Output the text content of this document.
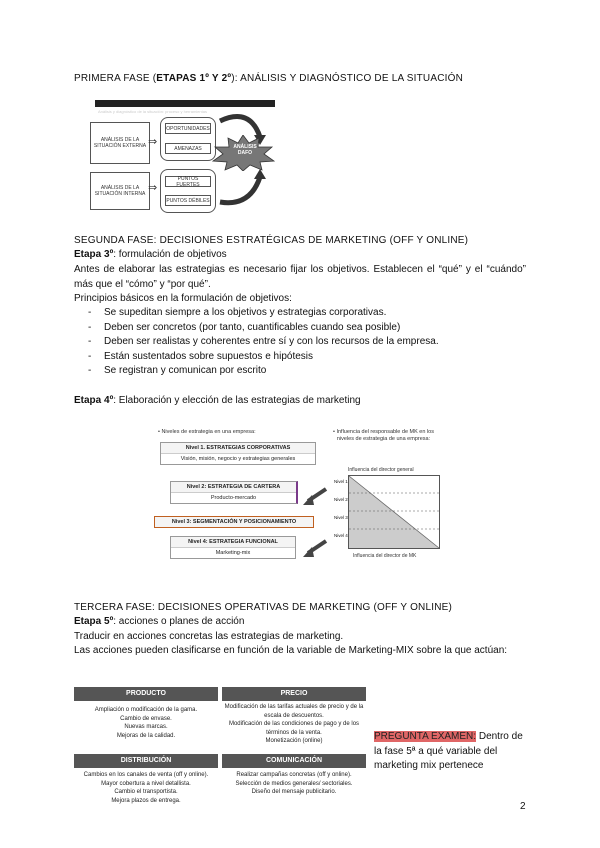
PRIMERA FASE (ETAPAS 1º Y 2º): ANÁLISIS Y DIAGNÓSTICO DE LA SITUACIÓN
Análisis y diagnóstico de la situación: proceso y herramientas
ANÁLISIS DE LA SITUACIÓN EXTERNA
ANÁLISIS DE LA SITUACIÓN INTERNA
⇒
⇒
OPORTUNIDADES
AMENAZAS
PUNTOS FUERTES
PUNTOS DÉBILES
ANÁLISIS DAFO
SEGUNDA FASE: DECISIONES ESTRATÉGICAS DE MARKETING (OFF Y ONLINE)
Etapa 3º: formulación de objetivos
Antes de elaborar las estrategias es necesario fijar los objetivos. Establecen el “qué” y el “cuándo” más que el “cómo” y “por qué”.
Principios básicos en la formulación de objetivos:
- Se supeditan siempre a los objetivos y estrategias corporativas.
- Deben ser concretos (por tanto, cuantificables cuando sea posible)
- Deben ser realistas y coherentes entre sí y con los recursos de la empresa.
- Están sustentados sobre supuestos e hipótesis
- Se registran y comunican por escrito
Etapa 4º: Elaboración y elección de las estrategias de marketing
• Niveles de estrategia en una empresa:
Nivel 1. ESTRATEGIAS CORPORATIVAS
Visión, misión, negocio y estrategias generales
Nivel 2: ESTRATEGIA DE CARTERA
Producto-mercado
Nivel 3: SEGMENTACIÓN Y POSICIONAMIENTO
Nivel 4: ESTRATEGIA FUNCIONAL
Marketing-mix
• Influencia del responsable de MK en los niveles de estrategia de una empresa:
Influencia del director general
Nivel 1
Nivel 2
Nivel 3
Nivel 4
Influencia del director de MK
TERCERA FASE: DECISIONES OPERATIVAS DE MARKETING (OFF Y ONLINE)
Etapa 5º: acciones o planes de acción
Traducir en acciones concretas las estrategias de marketing.
Las acciones pueden clasificarse en función de la variable de Marketing-MIX sobre la que actúan:
PRODUCTO	PRECIO
Ampliación o modificación de la gama.
Cambio de envase.
Nuevas marcas.
Mejoras de la calidad.
Modificación de las tarifas actuales de precio y de la escala de descuentos.
Modificación de las condiciones de pago y de los términos de la venta.
Monetización (online)
DISTRIBUCIÓN	COMUNICACIÓN
Cambios en los canales de venta (off y online).
Mayor cobertura a nivel detallista.
Cambio el transportista.
Mejora plazos de entrega.
Realizar campañas concretas (off y online).
Selección de medios generales/ sectoriales.
Diseño del mensaje publicitario.
PREGUNTA EXAMEN: Dentro de la fase 5ª a qué variable del marketing mix pertenece
2
